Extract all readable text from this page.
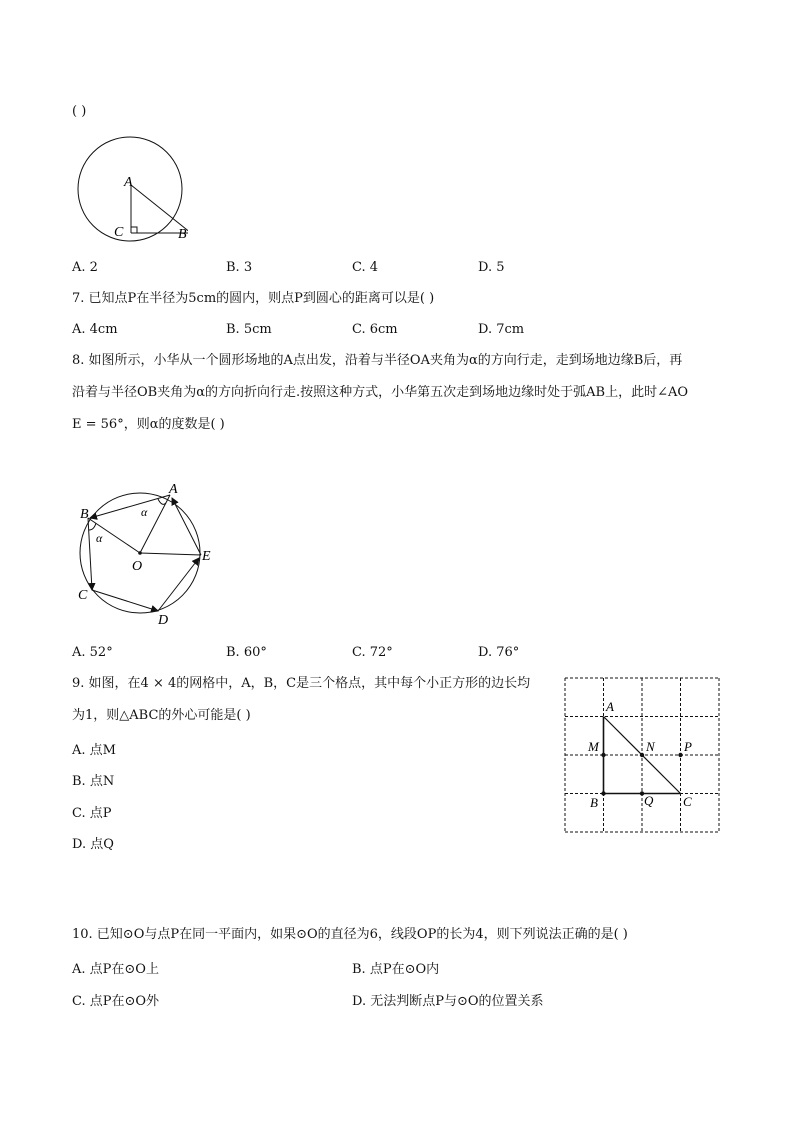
( )
A
C	B
A. 2	B. 3	C. 4	D. 5
7. 已知点P在半径为5cm的圆内，则点P到圆心的距离可以是( )
A. 4cm	B. 5cm	C. 6cm	D. 7cm
8. 如图所示，小华从一个圆形场地的A点出发，沿着与半径OA夹角为α的方向行走，走到场地边缘B后，再
沿着与半径OB夹角为α的方向折向行走.按照这种方式，小华第五次走到场地边缘时处于弧AB上，此时∠AO
E = 56°，则α的度数是( )
A
B
C
D
E
O
α
α
A. 52°	B. 60°	C. 72°	D. 76°
9. 如图，在4 × 4的网格中，A，B，C是三个格点，其中每个小正方形的边长均
为1，则△ABC的外心可能是( )
A. 点M
B. 点N
C. 点P
D. 点Q
A
M	N P
B	Q C
10. 已知⊙O与点P在同一平面内，如果⊙O的直径为6，线段OP的长为4，则下列说法正确的是( )
A. 点P在⊙O上	B. 点P在⊙O内
C. 点P在⊙O外	D. 无法判断点P与⊙O的位置关系
